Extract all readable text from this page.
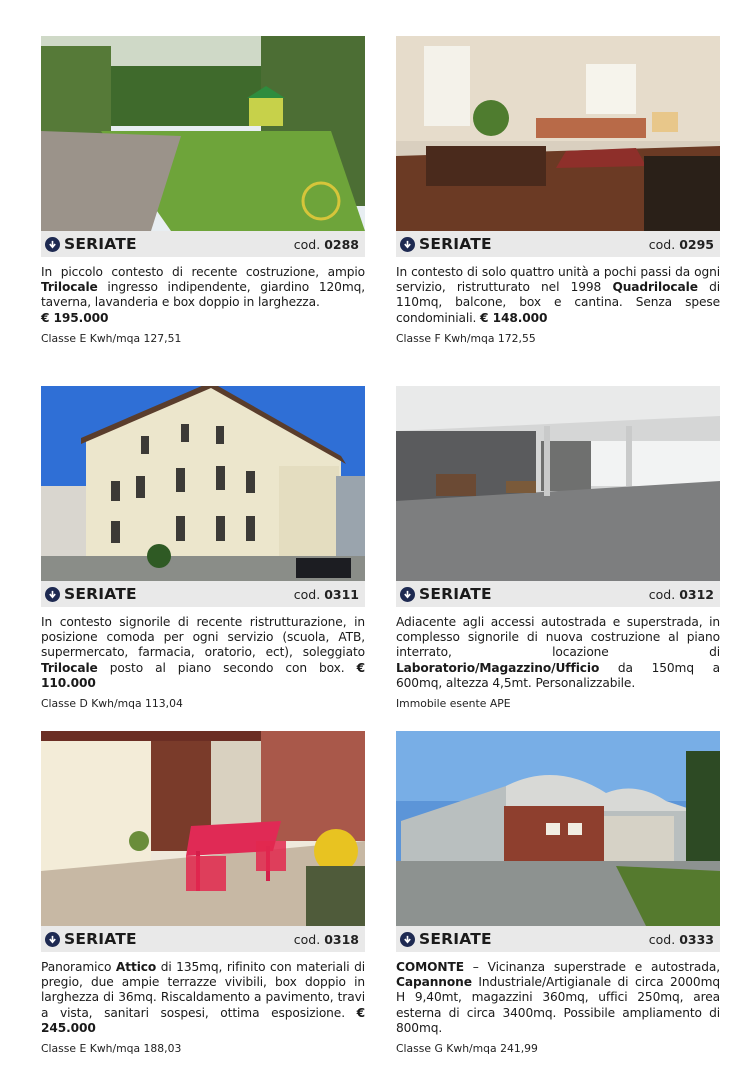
SERIATE	cod. 0288
In piccolo contesto di recente costruzione, ampio Trilocale ingresso indipendente, giardino 120mq, taverna, lavanderia e box doppio in larghezza.
€ 195.000
Classe E Kwh/mqa 127,51
SERIATE	cod. 0295
In contesto di solo quattro unità a pochi passi da ogni servizio, ristrutturato nel 1998 Quadrilocale di 110mq, balcone, box e cantina. Senza spese condominiali. € 148.000
Classe F Kwh/mqa 172,55
SERIATE	cod. 0311
In contesto signorile di recente ristrutturazione, in posizione comoda per ogni servizio (scuola, ATB, supermercato, farmacia, oratorio, ect), soleggiato Trilocale posto al piano secondo con box. € 110.000
Classe D Kwh/mqa 113,04
SERIATE	cod. 0312
Adiacente agli accessi autostrada e superstrada, in complesso signorile di nuova costruzione al piano interrato, locazione di Laboratorio/Magazzino/Ufficio da 150mq a 600mq, altezza 4,5mt. Personalizzabile.
Immobile esente APE
SERIATE	cod. 0318
Panoramico Attico di 135mq, rifinito con materiali di pregio, due ampie terrazze vivibili, box doppio in larghezza di 36mq. Riscaldamento a pavimento, travi a vista, sanitari sospesi, ottima esposizione. € 245.000
Classe E Kwh/mqa 188,03
SERIATE	cod. 0333
COMONTE – Vicinanza superstrade e autostrada, Capannone Industriale/Artigianale di circa 2000mq H 9,40mt, magazzini 360mq, uffici 250mq, area esterna di circa 3400mq. Possibile ampliamento di 800mq.
Classe G Kwh/mqa 241,99
